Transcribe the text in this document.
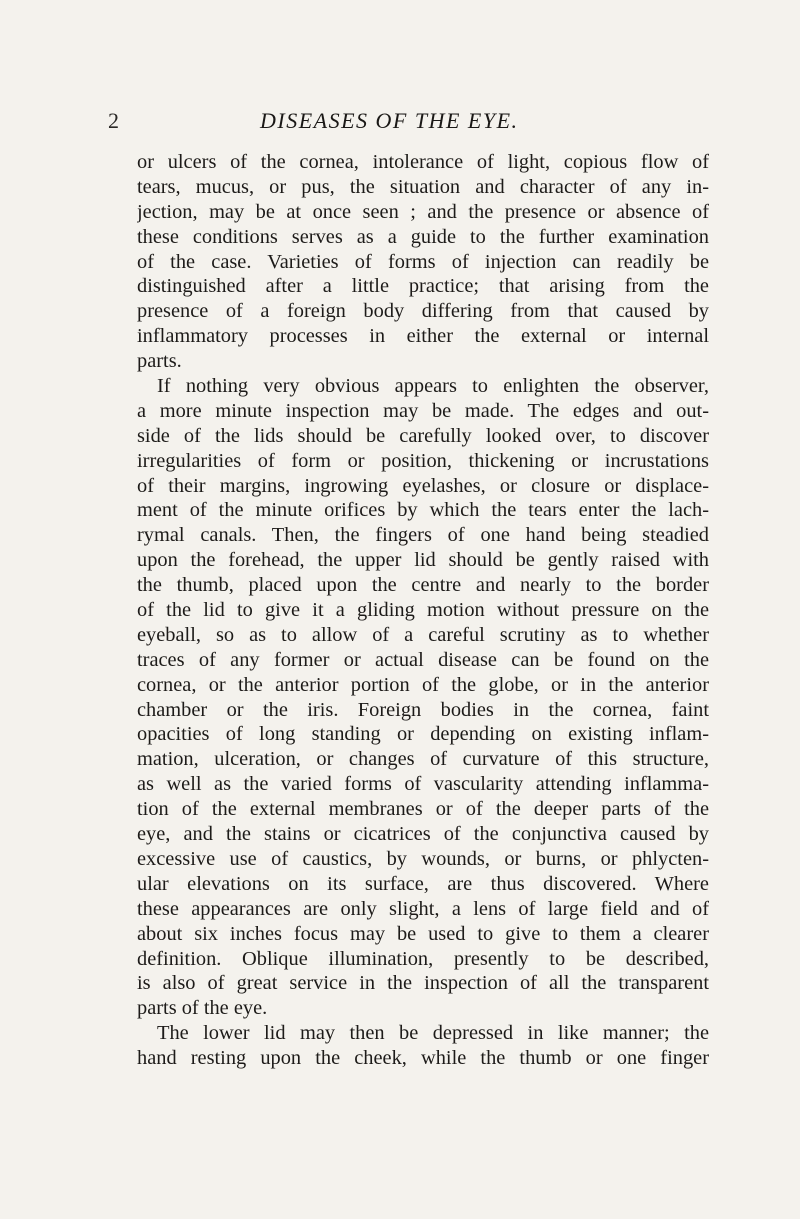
2	DISEASES OF THE EYE.
or ulcers of the cornea, intolerance of light, copious flow of
tears, mucus, or pus, the situation and character of any in-
jection, may be at once seen ; and the presence or absence of
these conditions serves as a guide to the further examination
of the case. Varieties of forms of injection can readily be
distinguished after a little practice; that arising from the
presence of a foreign body differing from that caused by
inflammatory processes in either the external or internal
parts.
If nothing very obvious appears to enlighten the observer,
a more minute inspection may be made. The edges and out-
side of the lids should be carefully looked over, to discover
irregularities of form or position, thickening or incrustations
of their margins, ingrowing eyelashes, or closure or displace-
ment of the minute orifices by which the tears enter the lach-
rymal canals. Then, the fingers of one hand being steadied
upon the forehead, the upper lid should be gently raised with
the thumb, placed upon the centre and nearly to the border
of the lid to give it a gliding motion without pressure on the
eyeball, so as to allow of a careful scrutiny as to whether
traces of any former or actual disease can be found on the
cornea, or the anterior portion of the globe, or in the anterior
chamber or the iris. Foreign bodies in the cornea, faint
opacities of long standing or depending on existing inflam-
mation, ulceration, or changes of curvature of this structure,
as well as the varied forms of vascularity attending inflamma-
tion of the external membranes or of the deeper parts of the
eye, and the stains or cicatrices of the conjunctiva caused by
excessive use of caustics, by wounds, or burns, or phlycten-
ular elevations on its surface, are thus discovered. Where
these appearances are only slight, a lens of large field and of
about six inches focus may be used to give to them a clearer
definition. Oblique illumination, presently to be described,
is also of great service in the inspection of all the transparent
parts of the eye.
The lower lid may then be depressed in like manner; the
hand resting upon the cheek, while the thumb or one finger
